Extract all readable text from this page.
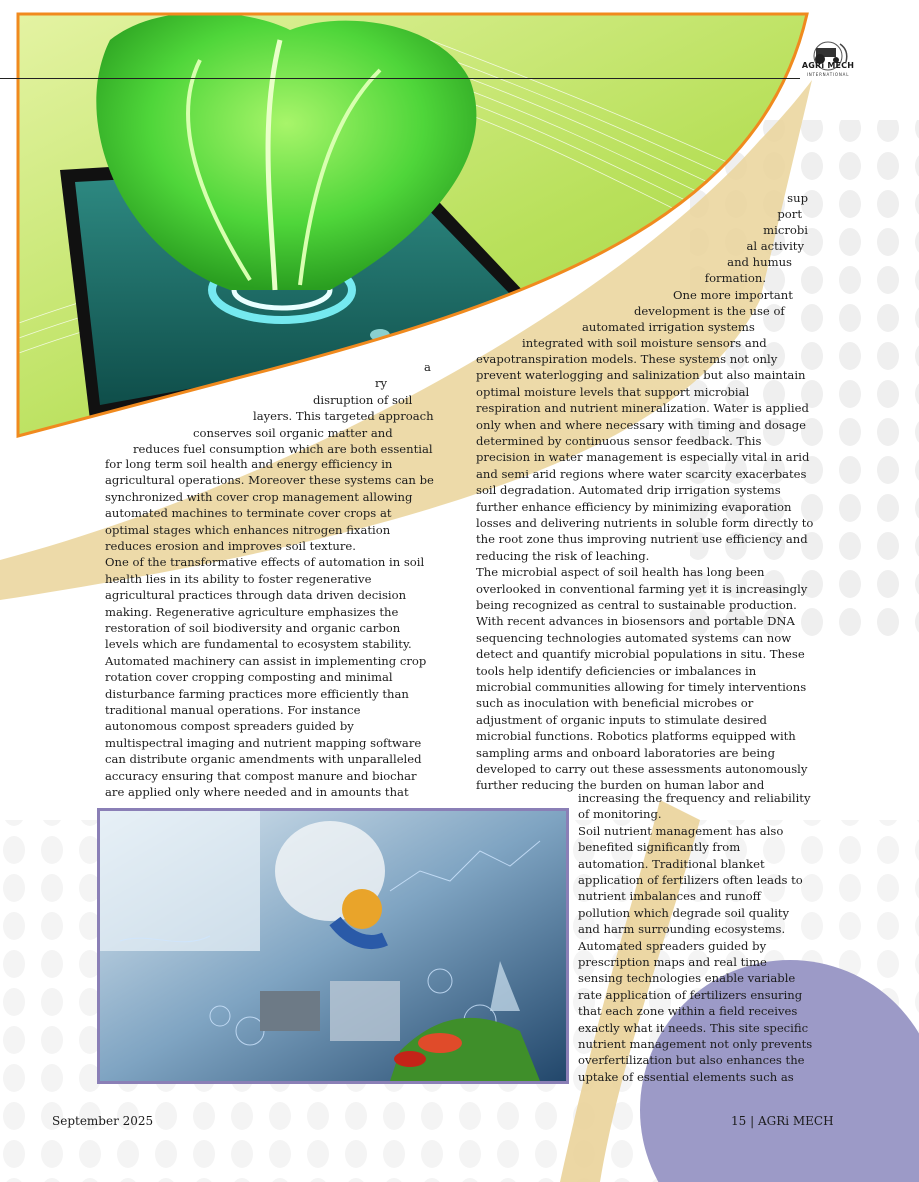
AGRi MECH
INTERNATIONAL
sup
port
microbi
al activity
and humus
formation.
One more important
development is the use of
automated irrigation systems
integrated with soil moisture sensors and
a
ry
disruption of soil
layers. This targeted approach
conserves soil organic matter and
reduces fuel consumption which are both essential
for long term soil health and energy efficiency in
agricultural operations. Moreover these systems can be
synchronized with cover crop management allowing
automated machines to terminate cover crops at
optimal stages which enhances nitrogen fixation
reduces erosion and improves soil texture.
One of the transformative effects of automation in soil
health lies in its ability to foster regenerative
agricultural practices through data driven decision
making. Regenerative agriculture emphasizes the
restoration of soil biodiversity and organic carbon
levels which are fundamental to ecosystem stability.
Automated machinery can assist in implementing crop
rotation cover cropping composting and minimal
disturbance farming practices more efficiently than
traditional manual operations. For instance
autonomous compost spreaders guided by
multispectral imaging and nutrient mapping software
can distribute organic amendments with unparalleled
accuracy ensuring that compost manure and biochar
are applied only where needed and in amounts that
evapotranspiration models. These systems not only
prevent waterlogging and salinization but also maintain
optimal moisture levels that support microbial
respiration and nutrient mineralization. Water is applied
only when and where necessary with timing and dosage
determined by continuous sensor feedback. This
precision in water management is especially vital in arid
and semi arid regions where water scarcity exacerbates
soil degradation. Automated drip irrigation systems
further enhance efficiency by minimizing evaporation
losses and delivering nutrients in soluble form directly to
the root zone thus improving nutrient use efficiency and
reducing the risk of leaching.
The microbial aspect of soil health has long been
overlooked in conventional farming yet it is increasingly
being recognized as central to sustainable production.
With recent advances in biosensors and portable DNA
sequencing technologies automated systems can now
detect and quantify microbial populations in situ. These
tools help identify deficiencies or imbalances in
microbial communities allowing for timely interventions
such as inoculation with beneficial microbes or
adjustment of organic inputs to stimulate desired
microbial functions. Robotics platforms equipped with
sampling arms and onboard laboratories are being
developed to carry out these assessments autonomously
further reducing the burden on human labor and
increasing the frequency and reliability
of monitoring.
Soil nutrient management has also
benefited significantly from
automation. Traditional blanket
application of fertilizers often leads to
nutrient imbalances and runoff
pollution which degrade soil quality
and harm surrounding ecosystems.
Automated spreaders guided by
prescription maps and real time
sensing technologies enable variable
rate application of fertilizers ensuring
that each zone within a field receives
exactly what it needs. This site specific
nutrient management not only prevents
overfertilization but also enhances the
uptake of essential elements such as
September 2025	15 | AGRi MECH
